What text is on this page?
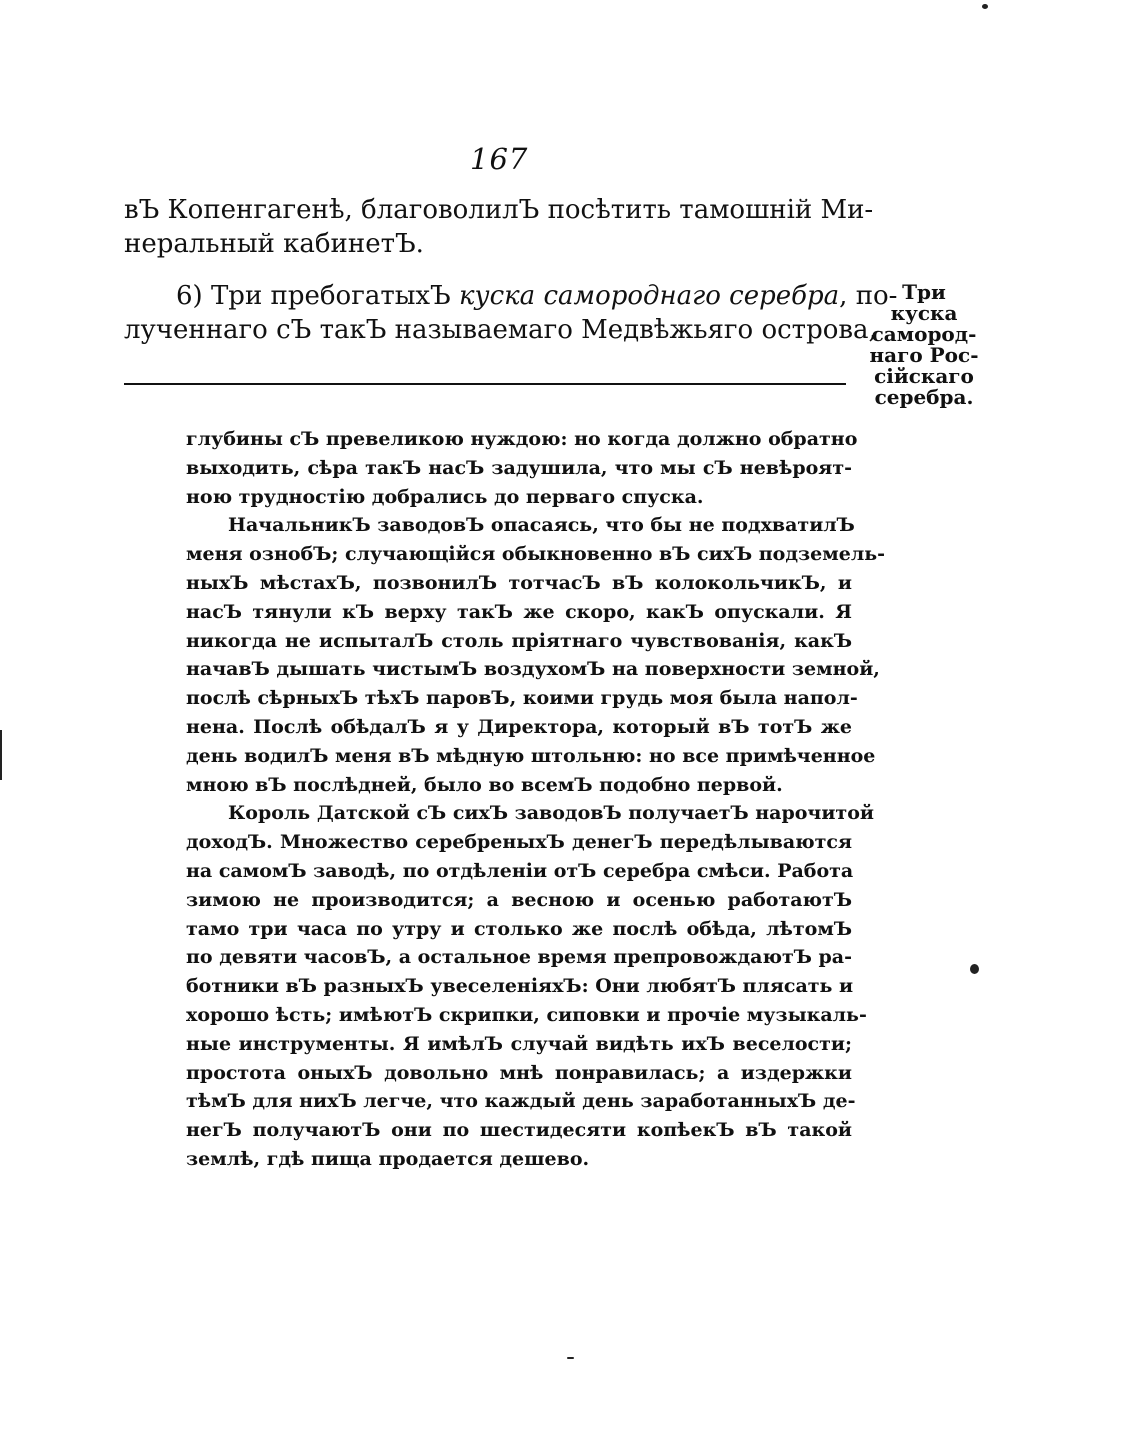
167
вЪ Копенгагенѣ, благоволилЪ посѣтить тамошній Ми-
неральный кабинетЪ.
6) Три пребогатыхЪ куска самороднаго серебра, по-
лученнаго сЪ такЪ называемаго Медвѣжьяго острова,
Три куска
самород-
наго Рос-
сійскаго
серебра.
глубины сЪ превеликою нуждою: но когда должно обратно
выходить, сѣра такЪ насЪ задушила, что мы сЪ невѣроят-
ною трудностію добрались до перваго спуска.
НачальникЪ заводовЪ опасаясь, что бы не подхватилЪ
меня ознобЪ; случающійся обыкновенно вЪ сихЪ подземель-
ныхЪ мѣстахЪ, позвонилЪ тотчасЪ вЪ колокольчикЪ, и
насЪ тянули кЪ верху такЪ же скоро, какЪ опускали. Я
никогда не испыталЪ столь пріятнаго чувствованія, какЪ
начавЪ дышать чистымЪ воздухомЪ на поверхности земной,
послѣ сѣрныхЪ тѣхЪ паровЪ, коими грудь моя была напол-
нена. Послѣ обѣдалЪ я у Директора, который вЪ тотЪ же
день водилЪ меня вЪ мѣдную штольню: но все примѣченное
мною вЪ послѣдней, было во всемЪ подобно первой.
Король Датской сЪ сихЪ заводовЪ получаетЪ нарочитой
доходЪ. Множество серебреныхЪ денегЪ передѣлываются
на самомЪ заводѣ, по отдѣленіи отЪ серебра смѣси. Работа
зимою не производится; а весною и осенью работаютЪ
тамо три часа по утру и столько же послѣ обѣда, лѣтомЪ
по девяти часовЪ, а остальное время препровождаютЪ ра-
ботники вЪ разныхЪ увеселеніяхЪ: Они любятЪ плясать и
хорошо ѣсть; имѣютЪ скрипки, сиповки и прочіе музыкаль-
ные инструменты. Я имѣлЪ случай видѣть ихЪ веселости;
простота оныхЪ довольно мнѣ понравилась; а издержки
тѣмЪ для нихЪ легче, что каждый день заработанныхЪ де-
негЪ получаютЪ они по шестидесяти копѣекЪ вЪ такой
землѣ, гдѣ пища продается дешево.
